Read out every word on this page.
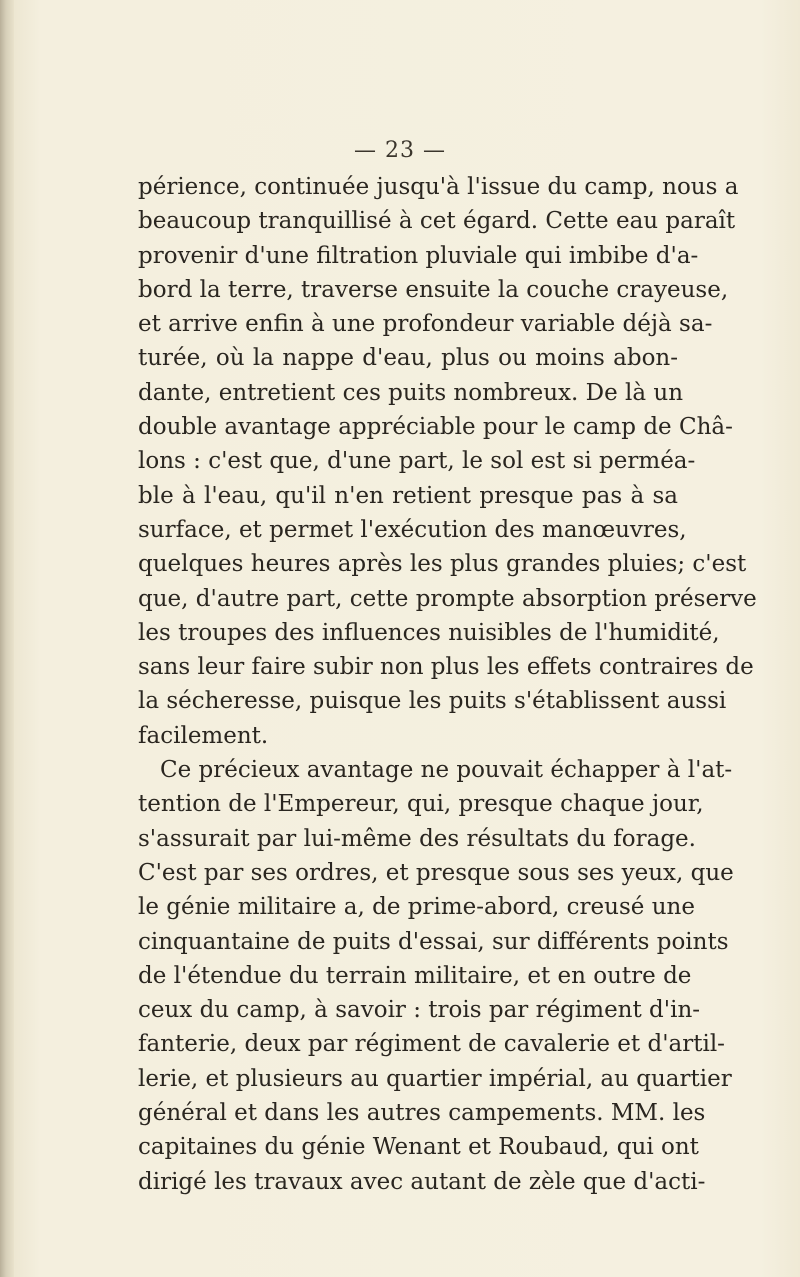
— 23 —
périence, continuée jusqu'à l'issue du camp, nous a
beaucoup tranquillisé à cet égard. Cette eau paraît
provenir d'une filtration pluviale qui imbibe d'a-
bord la terre, traverse ensuite la couche crayeuse,
et arrive enfin à une profondeur variable déjà sa-
turée, où la nappe d'eau, plus ou moins abon-
dante, entretient ces puits nombreux. De là un
double avantage appréciable pour le camp de Châ-
lons : c'est que, d'une part, le sol est si perméa-
ble à l'eau, qu'il n'en retient presque pas à sa
surface, et permet l'exécution des manœuvres,
quelques heures après les plus grandes pluies; c'est
que, d'autre part, cette prompte absorption préserve
les troupes des influences nuisibles de l'humidité,
sans leur faire subir non plus les effets contraires de
la sécheresse, puisque les puits s'établissent aussi
facilement.
Ce précieux avantage ne pouvait échapper à l'at-
tention de l'Empereur, qui, presque chaque jour,
s'assurait par lui-même des résultats du forage.
C'est par ses ordres, et presque sous ses yeux, que
le génie militaire a, de prime-abord, creusé une
cinquantaine de puits d'essai, sur différents points
de l'étendue du terrain militaire, et en outre de
ceux du camp, à savoir : trois par régiment d'in-
fanterie, deux par régiment de cavalerie et d'artil-
lerie, et plusieurs au quartier impérial, au quartier
général et dans les autres campements. MM. les
capitaines du génie Wenant et Roubaud, qui ont
dirigé les travaux avec autant de zèle que d'acti-
